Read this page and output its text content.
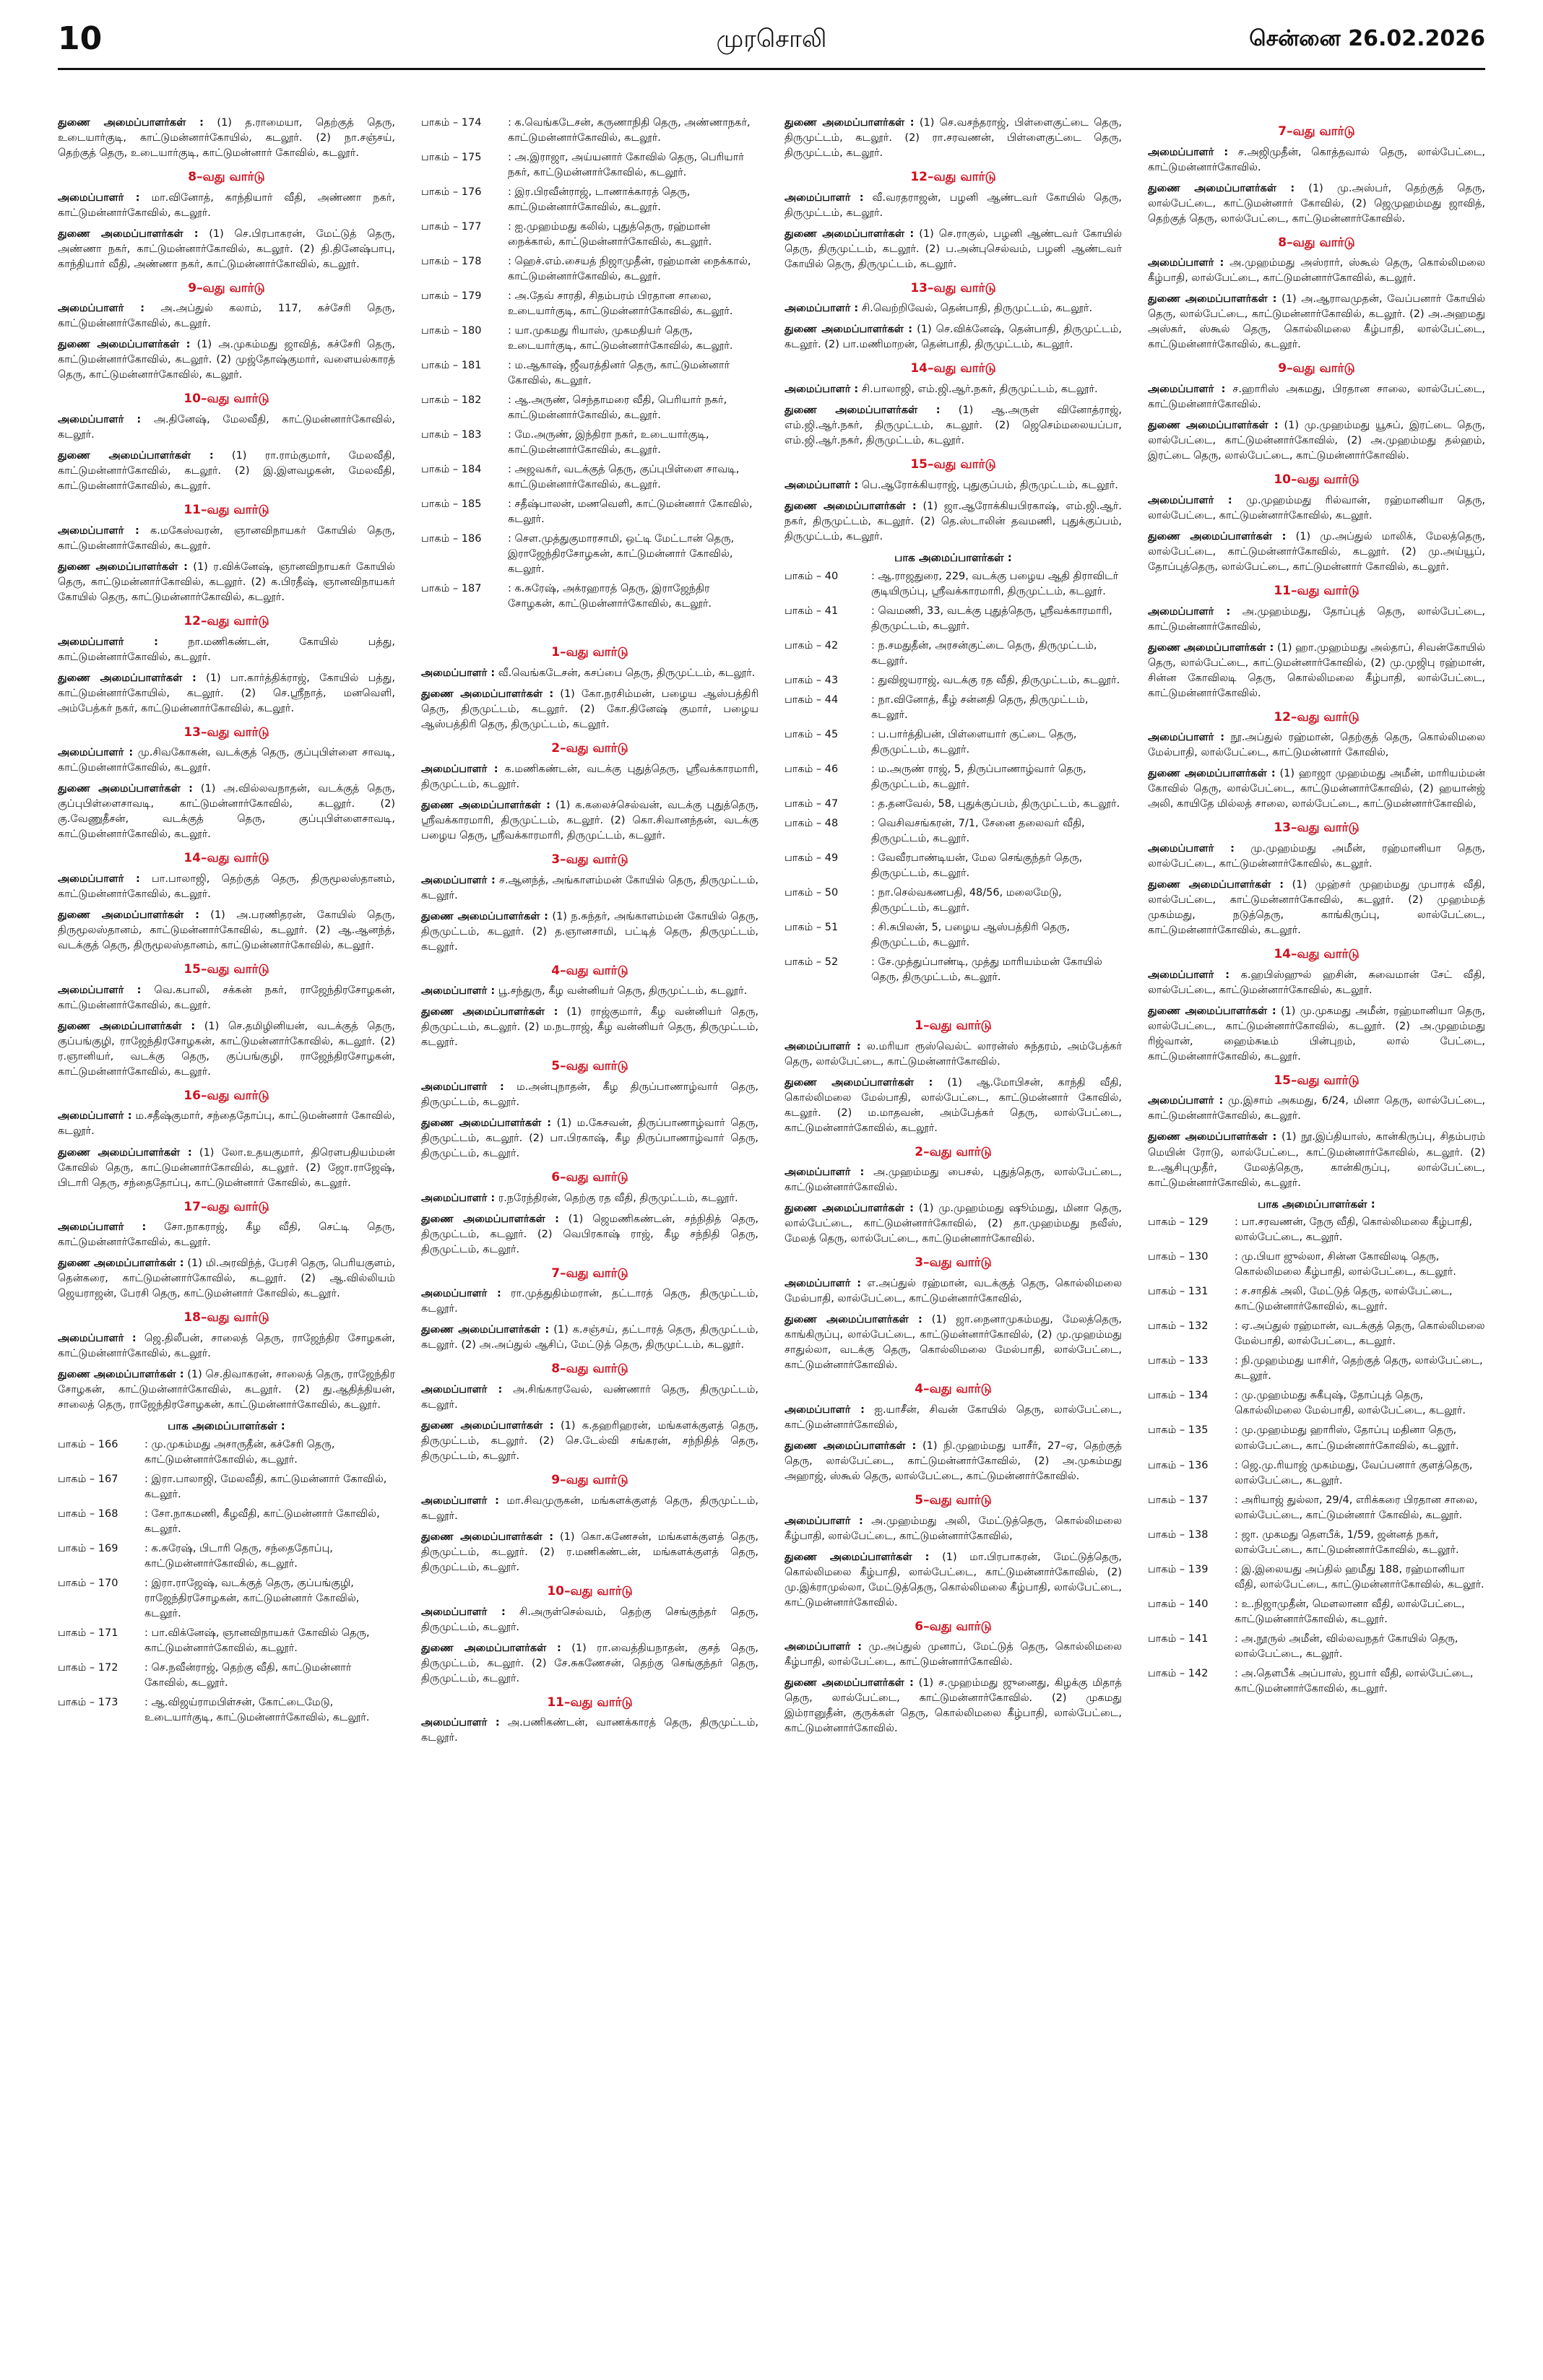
10	முரசொலி	சென்னை 26.02.2026

துணை அமைப்பாளர்கள் : (1) த.ராமையா, தெற்குத் தெரு, உடையார்குடி, காட்டுமன்னார்கோயில், கடலூர். (2) நா.சஞ்சய், தெற்குத் தெரு, உடையார்குடி, காட்டுமன்னார் கோவில், கடலூர்.

8–வது வார்டு

அமைப்பாளர் : மா.வினோத், காந்தியார் வீதி, அண்ணா நகர், காட்டுமன்னார்கோவில், கடலூர்.

துணை அமைப்பாளர்கள் : (1) செ.பிரபாகரன், மேட்டுத் தெரு, அண்ணா நகர், காட்டுமன்னார்கோவில், கடலூர். (2) தி.தினேஷ்பாபு, காந்தியார் வீதி, அண்ணா நகர், காட்டுமன்னார்கோவில், கடலூர்.

9–வது வார்டு

அமைப்பாளர் : அ.அப்துல் கலாம், 117, கச்சேரி தெரு, காட்டுமன்னார்கோவில், கடலூர்.

துணை அமைப்பாளர்கள் : (1) அ.முகம்மது ஜாவித், கச்சேரி தெரு, காட்டுமன்னார்கோவில், கடலூர். (2) முஜ்தோஷ்குமார், வளையல்காரத் தெரு, காட்டுமன்னார்கோவில், கடலூர்.

10–வது வார்டு

அமைப்பாளர் : அ.தினேஷ், மேலவீதி, காட்டுமன்னார்கோவில், கடலூர்.

துணை அமைப்பாளர்கள் : (1) ரா.ராம்குமார், மேலவீதி, காட்டுமன்னார்கோவில், கடலூர். (2) இ.இளவழகன், மேலவீதி, காட்டுமன்னார்கோவில், கடலூர்.

11–வது வார்டு

அமைப்பாளர் : க.மகேஸ்வரன், ஞானவிநாயகர் கோயில் தெரு, காட்டுமன்னார்கோவில், கடலூர்.

துணை அமைப்பாளர்கள் : (1) ர.விக்னேஷ், ஞானவிநாயகர் கோயில் தெரு, காட்டுமன்னார்கோவில், கடலூர். (2) க.பிரதீஷ், ஞானவிநாயகர் கோயில் தெரு, காட்டுமன்னார்கோவில், கடலூர்.

12–வது வார்டு

அமைப்பாளர் :	நா.மணிகண்டன், கோயில் பத்து, காட்டுமன்னார்கோவில், கடலூர்.

துணை அமைப்பாளர்கள் : (1) பா.கார்த்திக்ராஜ், கோயில் பத்து, காட்டுமன்னார்கோயில், கடலூர். (2) செ.ஸ்ரீநாத், மனவெளி, அம்பேத்கர் நகர், காட்டுமன்னார்கோவில், கடலூர்.

13–வது வார்டு

அமைப்பாளர் : மு.சிவகோகன், வடக்குத் தெரு, குப்புபிள்ளை சாவடி, காட்டுமன்னார்கோவில், கடலூர்.

துணை அமைப்பாளர்கள் : (1) அ.வில்லவநாதன், வடக்குத் தெரு, குப்புபிள்ளைசாவடி, காட்டுமன்னார்கோவில், கடலூர். (2) கு.வேணுதீசன், வடக்குத் தெரு, குப்புபிள்ளைசாவடி, காட்டுமன்னார்கோவில், கடலூர்.

14–வது வார்டு

அமைப்பாளர் : பா.பாலாஜி, தெற்குத் தெரு, திருமூலஸ்தானம், காட்டுமன்னார்கோவில், கடலூர்.

துணை அமைப்பாளர்கள் : (1) அ.பரணிதரன், கோயில் தெரு, திருமூலஸ்தானம், காட்டுமன்னார்கோவில், கடலூர். (2) ஆ.ஆனந்த், வடக்குத் தெரு, திருமூலஸ்தானம், காட்டுமன்னார்கோவில், கடலூர்.

15–வது வார்டு

அமைப்பாளர் : வெ.கபாலி, சக்கன் நகர், ராஜேந்திரசோழகன், காட்டுமன்னார்கோவில், கடலூர்.

துணை அமைப்பாளர்கள் : (1) செ.தமிழினியன், வடக்குத் தெரு, குப்பங்குழி, ராஜேந்திரசோழகன், காட்டுமன்னார்கோவில், கடலூர். (2) ர.ஞானியர், வடக்கு தெரு, குப்பங்குழி, ராஜேந்திரசோழகன், காட்டுமன்னார்கோவில், கடலூர்.

16–வது வார்டு

அமைப்பாளர் : ம.சதீஷ்குமார், சந்தைதோப்பு, காட்டுமன்னார் கோவில், கடலூர்.

துணை அமைப்பாளர்கள் : (1) லோ.உதயகுமார், திரௌபதியம்மன் கோவில் தெரு, காட்டுமன்னார்கோவில், கடலூர். (2) ஜோ.ராஜேஷ், பிடாரி தெரு, சந்தைதோப்பு, காட்டுமன்னார் கோவில், கடலூர்.

17–வது வார்டு

அமைப்பாளர் : சோ.நாகராஜ், கீழ வீதி, செட்டி தெரு, காட்டுமன்னார்கோவில், கடலூர்.

துணை அமைப்பாளர்கள் : (1) மி.அரவிந்த், பேரசி தெரு, பெரியகுளம், தென்கரை, காட்டுமன்னார்கோவில், கடலூர். (2) ஆ.வில்லியம் ஜெயராஜன், பேரசி தெரு, காட்டுமன்னார் கோவில், கடலூர்.

18–வது வார்டு

அமைப்பாளர் : ஜெ.திலீபன், சாலைத் தெரு, ராஜேந்திர சோழகன், காட்டுமன்னார்கோவில், கடலூர்.

துணை அமைப்பாளர்கள் : (1) செ.திவாகரன், சாலைத் தெரு, ராஜேந்திர சோழகன், காட்டுமன்னார்கோவில், கடலூர். (2) து.ஆதித்தியன், சாலைத் தெரு, ராஜேந்திரசோழகன், காட்டுமன்னார்கோவில், கடலூர்.

பாக அமைப்பாளர்கள் :
பாகம் – 166	: மு.முகம்மது அசாருதீன், கச்சேரி தெரு, காட்டுமன்னார்கோவில், கடலூர்.
பாகம் – 167	: இரா.பாலாஜி, மேலவீதி, காட்டுமன்னார் கோவில், கடலூர்.
பாகம் – 168	: சோ.நாகமணி, கீழவீதி, காட்டுமன்னார் கோவில், கடலூர்.
பாகம் – 169	: க.சுரேஷ், பிடாரி தெரு, சந்தைதோப்பு, காட்டுமன்னார்கோவில், கடலூர்.
பாகம் – 170	: இரா.ராஜேஷ், வடக்குத் தெரு, குப்பங்குழி, ராஜேந்திரசோழகன், காட்டுமன்னார் கோவில், கடலூர்.
பாகம் – 171	: பா.விக்னேஷ், ஞானவிநாயகர் கோவில் தெரு, காட்டுமன்னார்கோவில், கடலூர்.
பாகம் – 172	: செ.நவீன்ராஜ், தெற்கு வீதி, காட்டுமன்னார் கோவில், கடலூர்.
பாகம் – 173	: ஆ.விஜய்ராமபிள்சன், கோட்டைமேடு, உடையார்குடி, காட்டுமன்னார்கோவில், கடலூர்.
பாகம் – 174	: க.வெங்கடேசன், கருணாநிதி தெரு, அண்ணாநகர், காட்டுமன்னார்கோவில், கடலூர்.
பாகம் – 175	: அ.இராஜா, அய்யனார் கோவில் தெரு, பெரியார் நகர், காட்டுமன்னார்கோவில், கடலூர்.
பாகம் – 176	: இர.பிரவீன்ராஜ், டாணாக்காரத் தெரு, காட்டுமன்னார்கோவில், கடலூர்.
பாகம் – 177	: ஐ.முஹம்மது கலில், புதுத்தெரு, ரஹ்மான் நைக்கால், காட்டுமன்னார்கோவில், கடலூர்.
பாகம் – 178	: ஹெச்.எம்.சையத் நிஜாமுதீன், ரஹ்மான் நைக்கால், காட்டுமன்னார்கோவில், கடலூர்.
பாகம் – 179	: அ.தேவ் சாரதி, சிதம்பரம் பிரதான சாலை, உடையார்குடி, காட்டுமன்னார்கோவில், கடலூர்.
பாகம் – 180	: யா.முகமது ரியாஸ், முகமதியர் தெரு, உடையார்குடி, காட்டுமன்னார்கோவில், கடலூர்.
பாகம் – 181	: ம.ஆகாஷ், ஜீவரத்தினர் தெரு, காட்டுமன்னார் கோவில், கடலூர்.
பாகம் – 182	: ஆ.அருண், செந்தாமரை வீதி, பெரியார் நகர், காட்டுமன்னார்கோவில், கடலூர்.
பாகம் – 183	: மே.அருண், இந்திரா நகர், உடையார்குடி, காட்டுமன்னார்கோவில், கடலூர்.
பாகம் – 184	: அஜவகர், வடக்குத் தெரு, குப்புபிள்ளை சாவடி, காட்டுமன்னார்கோவில், கடலூர்.
பாகம் – 185	: சதீஷ்பாலன், மணவெளி, காட்டுமன்னார் கோவில், கடலூர்.
பாகம் – 186	: செள.முத்துகுமாரசாமி, ஒட்டி மேட்டான் தெரு, இராஜேந்திரசோழகன், காட்டுமன்னார் கோவில், கடலூர்.
பாகம் – 187	: க.சுரேஷ், அக்ரஹாரத் தெரு, இராஜேந்திர சோழகன், காட்டுமன்னார்கோவில், கடலூர்.
1–வது வார்டு

அமைப்பாளர் : வீ.வெங்கடேசன், கசப்பை தெரு, திருமுட்டம், கடலூர்.

துணை அமைப்பாளர்கள் : (1) கோ.நரசிம்மன், பழைய ஆஸ்பத்திரி தெரு, திருமுட்டம், கடலூர். (2) கோ.தினேஷ் குமார், பழைய ஆஸ்பத்திரி தெரு, திருமுட்டம், கடலூர்.

2–வது வார்டு

அமைப்பாளர் : க.மணிகண்டன், வடக்கு புதுத்தெரு, ஸ்ரீவக்காரமாரி, திருமுட்டம், கடலூர்.

துணை அமைப்பாளர்கள் : (1) க.கலைச்செல்வன், வடக்கு புதுத்தெரு, ஸ்ரீவக்காரமாரி, திருமுட்டம், கடலூர். (2) கொ.சிவானந்தன், வடக்கு பழைய தெரு, ஸ்ரீவக்காரமாரி, திருமுட்டம், கடலூர்.

3–வது வார்டு

அமைப்பாளர் : ச.ஆனந்த், அங்காளம்மன் கோயில் தெரு, திருமுட்டம், கடலூர்.

துணை அமைப்பாளர்கள் : (1) ந.சுந்தர், அங்காளம்மன் கோயில் தெரு, திருமுட்டம், கடலூர். (2) த.ஞானசாமி, பட்டித் தெரு, திருமுட்டம், கடலூர்.

4–வது வார்டு

அமைப்பாளர் : பூ.சந்துரு, கீழ வன்னியர் தெரு, திருமுட்டம், கடலூர்.

துணை அமைப்பாளர்கள் : (1) ராஜ்குமார், கீழ வன்னியர் தெரு, திருமுட்டம், கடலூர். (2) ம.நடராஜ், கீழ வன்னியர் தெரு, திருமுட்டம், கடலூர்.

5–வது வார்டு

அமைப்பாளர் : ம.அன்புநாதன், கீழ திருப்பாணாழ்வார் தெரு, திருமுட்டம், கடலூர்.

துணை அமைப்பாளர்கள் : (1) ம.கேசவன், திருப்பாணாழ்வார் தெரு, திருமுட்டம், கடலூர். (2) பா.பிரகாஷ், கீழ திருப்பாணாழ்வார் தெரு, திருமுட்டம், கடலூர்.

6–வது வார்டு

அமைப்பாளர் : ர.நரேந்திரன், தெற்கு ரத வீதி, திருமுட்டம், கடலூர்.

துணை அமைப்பாளர்கள் : (1) ஜெமணிகண்டன், சந்நிதித் தெரு, திருமுட்டம், கடலூர். (2) வெபிரகாஷ் ராஜ், கீழ சந்நிதி தெரு, திருமுட்டம், கடலூர்.

7–வது வார்டு

அமைப்பாளர் : ரா.முத்துதிம்மரான், தட்டாரத் தெரு, திருமுட்டம், கடலூர்.

துணை அமைப்பாளர்கள் : (1) க.சஞ்சய், தட்டாரத் தெரு, திருமுட்டம், கடலூர். (2) அ.அப்துல் ஆசிப், மேட்டுத் தெரு, திருமுட்டம், கடலூர்.

8–வது வார்டு

அமைப்பாளர் : அ.சிங்காரவேல், வண்ணார் தெரு, திருமுட்டம், கடலூர்.

துணை அமைப்பாளர்கள் : (1) க.தஹரிஹரன், மங்களக்குளத் தெரு, திருமுட்டம், கடலூர். (2) செ.டேல்வி சங்கரன், சந்நிதித் தெரு, திருமுட்டம், கடலூர்.

9–வது வார்டு

அமைப்பாளர் : மா.சிவமுருகன், மங்களக்குளத் தெரு, திருமுட்டம், கடலூர்.

துணை அமைப்பாளர்கள் : (1) கொ.கணேசன், மங்களக்குளத் தெரு, திருமுட்டம், கடலூர். (2) ர.மணிகண்டன், மங்களக்குளத் தெரு, திருமுட்டம், கடலூர்.

10–வது வார்டு

அமைப்பாளர் : சி.அருள்செல்வம், தெற்கு செங்குந்தர் தெரு, திருமுட்டம், கடலூர்.

துணை அமைப்பாளர்கள் : (1) ரா.வைத்தியநாதன், குசத் தெரு, திருமுட்டம், கடலூர். (2) சே.சுகணேசன், தெற்கு செங்குந்தர் தெரு, திருமுட்டம், கடலூர்.

11–வது வார்டு

அமைப்பாளர் : அ.பணிகண்டன், வாணக்காரத் தெரு, திருமுட்டம், கடலூர்.

துணை அமைப்பாளர்கள் : (1) செ.வசந்தராஜ், பிள்ளைகுட்டை தெரு, திருமுட்டம், கடலூர். (2) ரா.சரவணன், பிள்ளைகுட்டை தெரு, திருமுட்டம், கடலூர்.

12–வது வார்டு

அமைப்பாளர் : வீ.வரதராஜன், பழனி ஆண்டவர் கோயில் தெரு, திருமுட்டம், கடலூர்.

துணை அமைப்பாளர்கள் : (1) செ.ராகுல், பழனி ஆண்டவர் கோயில் தெரு, திருமுட்டம், கடலூர். (2) ப.அன்புசெல்வம், பழனி ஆண்டவர் கோயில் தெரு, திருமுட்டம், கடலூர்.

13–வது வார்டு

அமைப்பாளர் : சி.வெற்றிவேல், தென்பாதி, திருமுட்டம், கடலூர்.

துணை அமைப்பாளர்கள் : (1) செ.விக்னேஷ், தென்பாதி, திருமுட்டம், கடலூர். (2) பா.மணிமாறன், தென்பாதி, திருமுட்டம், கடலூர்.

14–வது வார்டு

அமைப்பாளர் : சி.பாலாஜி, எம்.ஜி.ஆர்.நகர், திருமுட்டம், கடலூர்.

துணை அமைப்பாளர்கள் : (1) ஆ.அருள் வினோத்ராஜ், எம்.ஜி.ஆர்.நகர், திருமுட்டம், கடலூர். (2) ஜெசெம்மலையப்பா, எம்.ஜி.ஆர்.நகர், திருமுட்டம், கடலூர்.

15–வது வார்டு

அமைப்பாளர் : பெ.ஆரோக்கியராஜ், புதுகுப்பம், திருமுட்டம், கடலூர்.

துணை அமைப்பாளர்கள் : (1) ஜா.ஆரோக்கியபிரகாஷ், எம்.ஜி.ஆர். நகர், திருமுட்டம், கடலூர். (2) தெ.ஸ்டாலின் தவமணி, புதுக்குப்பம், திருமுட்டம், கடலூர்.

பாக அமைப்பாளர்கள் :
பாகம் – 40	: ஆ.ராஜதுரை, 229, வடக்கு பழைய ஆதி திராவிடர் குடியிருப்பு, ஸ்ரீவக்காரமாரி, திருமுட்டம், கடலூர்.
பாகம் – 41	: வெமணி, 33, வடக்கு புதுத்தெரு, ஸ்ரீவக்காரமாரி, திருமுட்டம், கடலூர்.
பாகம் – 42	: ந.சமதுதீன், அரசன்குட்டை தெரு, திருமுட்டம், கடலூர்.
பாகம் – 43	: துவிஜயராஜ், வடக்கு ரத வீதி, திருமுட்டம், கடலூர்.
பாகம் – 44	: நா.வினோத், கீழ் சன்னதி தெரு, திருமுட்டம், கடலூர்.
பாகம் – 45	: ப.பார்த்திபன், பிள்ளையார் குட்டை தெரு, திருமுட்டம், கடலூர்.
பாகம் – 46	: ம.அருண் ராஜ், 5, திருப்பாணாழ்வார் தெரு, திருமுட்டம், கடலூர்.
பாகம் – 47	: த.தனவேல், 58, புதுக்குப்பம், திருமுட்டம், கடலூர்.
பாகம் – 48	: வெசிவசங்கரன், 7/1, சேனை தலைவர் வீதி, திருமுட்டம், கடலூர்.
பாகம் – 49	: வேவீரபாண்டியன், மேல செங்குந்தர் தெரு, திருமுட்டம், கடலூர்.
பாகம் – 50	: நா.செல்வகணபதி, 48/56, மலைமேடு, திருமுட்டம், கடலூர்.
பாகம் – 51	: சி.சுபிலன், 5, பழைய ஆஸ்பத்திரி தெரு, திருமுட்டம், கடலூர்.
பாகம் – 52	: சே.முத்துப்பாண்டி, முத்து மாரியம்மன் கோயில் தெரு, திருமுட்டம், கடலூர்.
1–வது வார்டு

அமைப்பாளர் : ல.மரியா ரூஸ்வெல்ட் லாரன்ஸ் சுந்தரம், அம்பேத்கர் தெரு, லால்பேட்டை, காட்டுமன்னார்கோவில்.

துணை அமைப்பாளர்கள் : (1) ஆ.மோபிசன், காந்தி வீதி, கொல்லிமலை மேல்பாதி, லால்பேட்டை, காட்டுமன்னார் கோவில், கடலூர். (2) ம.மாதவன், அம்பேத்கர் தெரு, லால்பேட்டை, காட்டுமன்னார்கோவில், கடலூர்.

2–வது வார்டு

அமைப்பாளர் : அ.முஹம்மது பைசல், புதுத்தெரு, லால்பேட்டை, காட்டுமன்னார்கோவில்.

துணை அமைப்பாளர்கள் : (1) மு.முஹம்மது ஷூம்மது, மினா தெரு, லால்பேட்டை, காட்டுமன்னார்கோவில், (2) தா.முஹம்மது நவீஸ், மேலத் தெரு, லால்பேட்டை, காட்டுமன்னார்கோவில்.

3–வது வார்டு

அமைப்பாளர் : எ.அப்துல் ரஹ்மான், வடக்குத் தெரு, கொல்லிமலை மேல்பாதி, லால்பேட்டை, காட்டுமன்னார்கோவில்,

துணை அமைப்பாளர்கள் : (1) ஜா.நைனாமுகம்மது, மேலத்தெரு, காங்கிருப்பு, லால்பேட்டை, காட்டுமன்னார்கோவில், (2) மு.முஹம்மது சாதுல்லா, வடக்கு தெரு, கொல்லிமலை மேல்பாதி, லால்பேட்டை, காட்டுமன்னார்கோவில்.

4–வது வார்டு

அமைப்பாளர் : ஐ.யாசீன், சிவன் கோயில் தெரு, லால்பேட்டை, காட்டுமன்னார்கோவில்,

துணை அமைப்பாளர்கள் : (1) நி.முஹம்மது யாசீர், 27–ஏ, தெற்குத் தெரு, லால்பேட்டை, காட்டுமன்னார்கோவில், (2) அ.முகம்மது அஹாஜ், ஸ்கூல் தெரு, லால்பேட்டை, காட்டுமன்னார்கோவில்.

5–வது வார்டு

அமைப்பாளர் : அ.முஹம்மது அலி, மேட்டுத்தெரு, கொல்லிமலை கீழ்பாதி, லால்பேட்டை, காட்டுமன்னார்கோவில்,

துணை அமைப்பாளர்கள் : (1) மா.பிரபாகரன், மேட்டுத்தெரு, கொல்லிமலை கீழ்பாதி, லால்பேட்டை, காட்டுமன்னார்கோவில், (2) மு.இக்ராமுல்லா, மேட்டுத்தெரு, கொல்லிமலை கீழ்பாதி, லால்பேட்டை, காட்டுமன்னார்கோவில்.

6–வது வார்டு

அமைப்பாளர் : மு.அப்துல் முனாப், மேட்டுத் தெரு, கொல்லிமலை கீழ்பாதி, லால்பேட்டை, காட்டுமன்னார்கோவில்.

துணை அமைப்பாளர்கள் : (1) ச.முஹம்மது ஜுனைது, கிழக்கு மிதாத் தெரு, லால்பேட்டை, காட்டுமன்னார்கோவில். (2) முகமது இம்ரானுதீன், குருக்கள் தெரு, கொல்லிமலை கீழ்பாதி, லால்பேட்டை, காட்டுமன்னார்கோவில்.

7–வது வார்டு

அமைப்பாளர் : ச.அஜிமுதீன், கொத்தவால் தெரு, லால்பேட்டை, காட்டுமன்னார்கோவில்.

துணை அமைப்பாளர்கள் : (1) மு.அஸ்பர், தெற்குத் தெரு, லால்பேட்டை, காட்டுமன்னார் கோவில், (2) ஜெமுஹம்மது ஜாவித், தெற்குத் தெரு, லால்பேட்டை, காட்டுமன்னார்கோவில்.

8–வது வார்டு

அமைப்பாளர் : அ.முஹம்மது அஸ்ரார், ஸ்கூல் தெரு, கொல்லிமலை கீழ்பாதி, லால்பேட்டை, காட்டுமன்னார்கோவில், கடலூர்.

துணை அமைப்பாளர்கள் : (1) அ.ஆராவமுதன், வேப்பனார் கோயில் தெரு, லால்பேட்டை, காட்டுமன்னார்கோவில், கடலூர். (2) அ.அஹமது அஸ்கர், ஸ்கூல் தெரு, கொல்லிமலை கீழ்பாதி, லால்பேட்டை, காட்டுமன்னார்கோவில், கடலூர்.

9–வது வார்டு

அமைப்பாளர் : ச.ஹாரிஸ் அகமது, பிரதான சாலை, லால்பேட்டை, காட்டுமன்னார்கோவில்.

துணை அமைப்பாளர்கள் : (1) மு.முஹம்மது யூசுப், இரட்டை தெரு, லால்பேட்டை, காட்டுமன்னார்கோவில், (2) அ.முஹம்மது தல்ஹம், இரட்டை தெரு, லால்பேட்டை, காட்டுமன்னார்கோவில்.

10–வது வார்டு

அமைப்பாளர் : மு.முஹம்மது ரில்வான், ரஹ்மானியா தெரு, லால்பேட்டை, காட்டுமன்னார்கோவில், கடலூர்.

துணை அமைப்பாளர்கள் : (1) மு.அப்துல் மாலிக், மேலத்தெரு, லால்பேட்டை, காட்டுமன்னார்கோவில், கடலூர். (2) மு.அய்யூப், தோப்புத்தெரு, லால்பேட்டை, காட்டுமன்னார் கோவில், கடலூர்.

11–வது வார்டு

அமைப்பாளர் : அ.முஹம்மது, தோப்புத் தெரு, லால்பேட்டை, காட்டுமன்னார்கோவில்,

துணை அமைப்பாளர்கள் : (1) ஹா.முஹம்மது அல்தாப், சிவன்கோயில் தெரு, லால்பேட்டை, காட்டுமன்னார்கோவில், (2) மு.முஜிபு ரஹ்மான், சின்ன கோவிலடி தெரு, கொல்லிமலை கீழ்பாதி, லால்பேட்டை, காட்டுமன்னார்கோவில்.

12–வது வார்டு

அமைப்பாளர் : நூ.அப்துல் ரஹ்மான், தெற்குத் தெரு, கொல்லிமலை மேல்பாதி, லால்பேட்டை, காட்டுமன்னார் கோவில்,

துணை அமைப்பாளர்கள் : (1) ஹாஜா முஹம்மது அமீன், மாரியம்மன் கோவில் தெரு, லால்பேட்டை, காட்டுமன்னார்கோவில், (2) ஹயான்ஜ் அலி, காயிதே மில்லத் சாலை, லால்பேட்டை, காட்டுமன்னார்கோவில்,

13–வது வார்டு

அமைப்பாளர் : மு.முஹம்மது அமீன், ரஹ்மானியா தெரு, லால்பேட்டை, காட்டுமன்னார்கோவில், கடலூர்.

துணை அமைப்பாளர்கள் : (1) முஹ்சர் முஹம்மது முபாரக் வீதி, லால்பேட்டை, காட்டுமன்னார்கோவில், கடலூர். (2) முஹம்மத் முகம்மது, நடுத்தெரு, காங்கிருப்பு, லால்பேட்டை, காட்டுமன்னார்கோவில், கடலூர்.

14–வது வார்டு

அமைப்பாளர் : க.ஹபிஸ்ஹுல் ஹசின், சுவைமான் சேட் வீதி, லால்பேட்டை, காட்டுமன்னார்கோவில், கடலூர்.

துணை அமைப்பாளர்கள் : (1) மு.முகமது அமீன், ரஹ்மானியா தெரு, லால்பேட்டை, காட்டுமன்னார்கோவில், கடலூர். (2) அ.முஹம்மது ரிஜ்வான், ஹைம்சுடீம் பின்புறம், லால் பேட்டை, காட்டுமன்னார்கோவில், கடலூர்.

15–வது வார்டு

அமைப்பாளர் : மு.இசாம் அகமது, 6/24, மினா தெரு, லால்பேட்டை, காட்டுமன்னார்கோவில், கடலூர்.

துணை அமைப்பாளர்கள் : (1) நூ.இப்தியாஸ், கான்கிருப்பு, சிதம்பரம் மெயின் ரோடு, லால்பேட்டை, காட்டுமன்னார்கோவில், கடலூர். (2) உ.ஆசிபுமுதீர், மேலத்தெரு, கான்கிருப்பு, லால்பேட்டை, காட்டுமன்னார்கோவில், கடலூர்.

பாக அமைப்பாளர்கள் :
பாகம் – 129	: பா.சரவணன், நேரு வீதி, கொல்லிமலை கீழ்பாதி, லால்பேட்டை, கடலூர்.
பாகம் – 130	: மு.பியா ஜுல்லா, சின்ன கோவிலடி தெரு, கொல்லிமலை கீழ்பாதி, லால்பேட்டை, கடலூர்.
பாகம் – 131	: ச.சாதிக் அலி, மேட்டுத் தெரு, லால்பேட்டை, காட்டுமன்னார்கோவில், கடலூர்.
பாகம் – 132	: ஏ.அப்துல் ரஹ்மான், வடக்குத் தெரு, கொல்லிமலை மேல்பாதி, லால்பேட்டை, கடலூர்.
பாகம் – 133	: நி.முஹம்மது யாசிர், தெற்குத் தெரு, லால்பேட்டை, கடலூர்.
பாகம் – 134	: மு.முஹம்மது சுகீபுஷ், தோப்புத் தெரு, கொல்லிமலை மேல்பாதி, லால்பேட்டை, கடலூர்.
பாகம் – 135	: மு.முஹம்மது ஹாரிஸ், தோப்பு மதினா தெரு, லால்பேட்டை, காட்டுமன்னார்கோவில், கடலூர்.
பாகம் – 136	: ஜெ.மு.ரியாஜ் முகம்மது, வேப்பனார் குளத்தெரு, லால்பேட்டை, கடலூர்.
பாகம் – 137	: அரியாஜ் துல்லா, 29/4, எரிக்கரை பிரதான சாலை, லால்பேட்டை, காட்டுமன்னார் கோவில், கடலூர்.
பாகம் – 138	: ஜா. முகமது தௌபீக், 1/59, ஜன்னத் நகர், லால்பேட்டை, காட்டுமன்னார்கோவில், கடலூர்.
பாகம் – 139	: இ.இலையது அப்தில் ஹமீது 188, ரஹ்மானியா வீதி, லால்பேட்டை, காட்டுமன்னார்கோவில், கடலூர்.
பாகம் – 140	: உ.நிஜாமுதீன், மௌலானா வீதி, லால்பேட்டை, காட்டுமன்னார்கோவில், கடலூர்.
பாகம் – 141	: அ.நூருல் அமீன், வில்லவநதர் கோயில் தெரு, லால்பேட்டை, கடலூர்.
பாகம் – 142	: அ.தௌபீக் அப்பாஸ், ஜபார் வீதி, லால்பேட்டை, காட்டுமன்னார்கோவில், கடலூர்.
